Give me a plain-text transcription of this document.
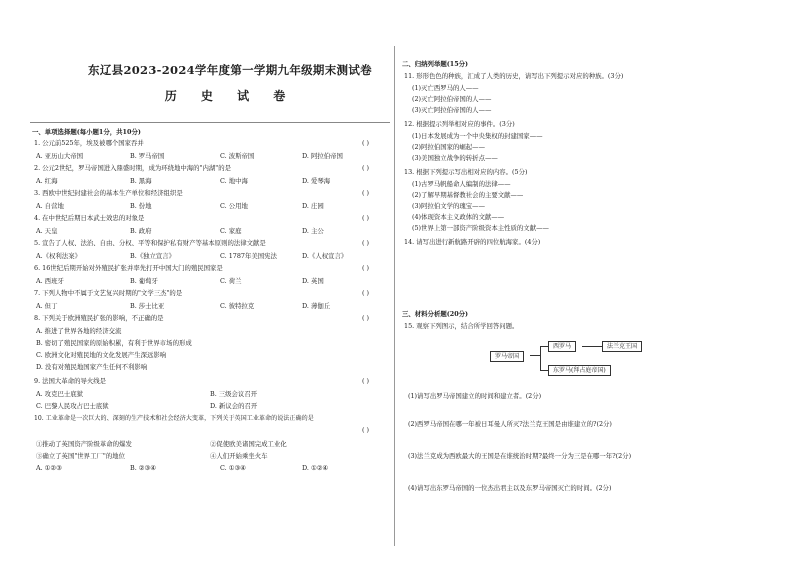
东辽县2023-2024学年度第一学期九年级期末测试卷
历 史 试 卷
一、单项选择题(每小题1分，共10分)
1. 公元前525年，埃及被哪个国家吞并	( )
A. 亚历山大帝国	B. 罗马帝国	C. 波斯帝国	D. 阿拉伯帝国
2. 公元2世纪，罗马帝国进入鼎盛时期，成为环绕地中海的"内湖"的是	( )
A. 红海	B. 黑海	C. 地中海	D. 爱琴海
3. 西欧中世纪封建社会的基本生产单位和经济组织是	( )
A. 自营地	B. 份地	C. 公用地	D. 庄园
4. 在中世纪后期日本武士效忠的对象是	( )
A. 天皇	B. 政府	C. 家庭	D. 主公
5. 宣告了人权、法治、自由、分权、平等和保护私有财产等基本原则的法律文献是	( )
A.《权利法案》	B.《独立宣言》	C. 1787年美国宪法	D.《人权宣言》
6. 16世纪后期开始对外殖民扩张并率先打开中国大门的殖民国家是	( )
A. 西班牙	B. 葡萄牙	C. 荷兰	D. 英国
7. 下列人物中不属于文艺复兴时期的"文学三杰"的是	( )
A. 但丁	B. 莎士比亚	C. 彼特拉克	D. 薄伽丘
8. 下列关于欧洲殖民扩张的影响，不正确的是	( )
A. 推进了世界各地的经济交流
B. 密切了殖民国家的原始积累，有利于世界市场的形成
C. 欧洲文化对殖民地的文化发展产生深远影响
D. 没有对殖民地国家产生任何不利影响
9. 法国大革命的导火线是	( )
A. 攻克巴士底狱	B. 三级会议召开
C. 巴黎人民攻占巴士底狱	D. 新议会的召开
10. 工业革命是一次巨大的、深刻的生产技术和社会经济大变革，下列关于英国工业革命的说法正确的是
( )
①推动了英国资产阶级革命的爆发	②促使欧美诸国完成工业化
③确立了英国"世界工厂"的地位	④人们开始乘坐火车
A. ①②③	B. ②③④	C. ①③④	D. ①②④
二、归纳列举题(15分)
11. 形形色色的种族，汇成了人类的历史，请写出下列提示对应的种族。(3分)
(1)灭亡西罗马的人——
(2)灭亡阿拉伯帝国的人——
(3)灭亡阿拉伯帝国的人——
12. 根据提示列举相对应的事件。(3分)
(1)日本发展成为一个中央集权的封建国家——
(2)阿拉伯国家的崛起——
(3)美国独立战争的转折点——
13. 根据下列提示写出相对应的内容。(5分)
(1)古罗马帆船命人编制的法律——
(2)了解早期基督教社会的主要文献——
(3)阿拉伯文学的瑰宝——
(4)体现资本主义政体的文献——
(5)世界上第一部资产阶级资本主性质的文献——
14. 请写出进行新航路开辟的四位航海家。(4分)
三、材料分析题(20分)
15. 观察下列图示，结合所学回答问题。
罗马帝国
西罗马	法兰克王国
东罗马(拜占庭帝国)
(1)请写出罗马帝国建立的时间和建立者。(2分)
(2)西罗马帝国在哪一年被日耳曼人所灭?法兰克王国是由谁建立的?(2分)
(3)法兰克成为西欧最大的王国是在谁统治时期?最终一分为三是在哪一年?(2分)
(4)请写出东罗马帝国的一位杰出君主以及东罗马帝国灭亡的时间。(2分)
